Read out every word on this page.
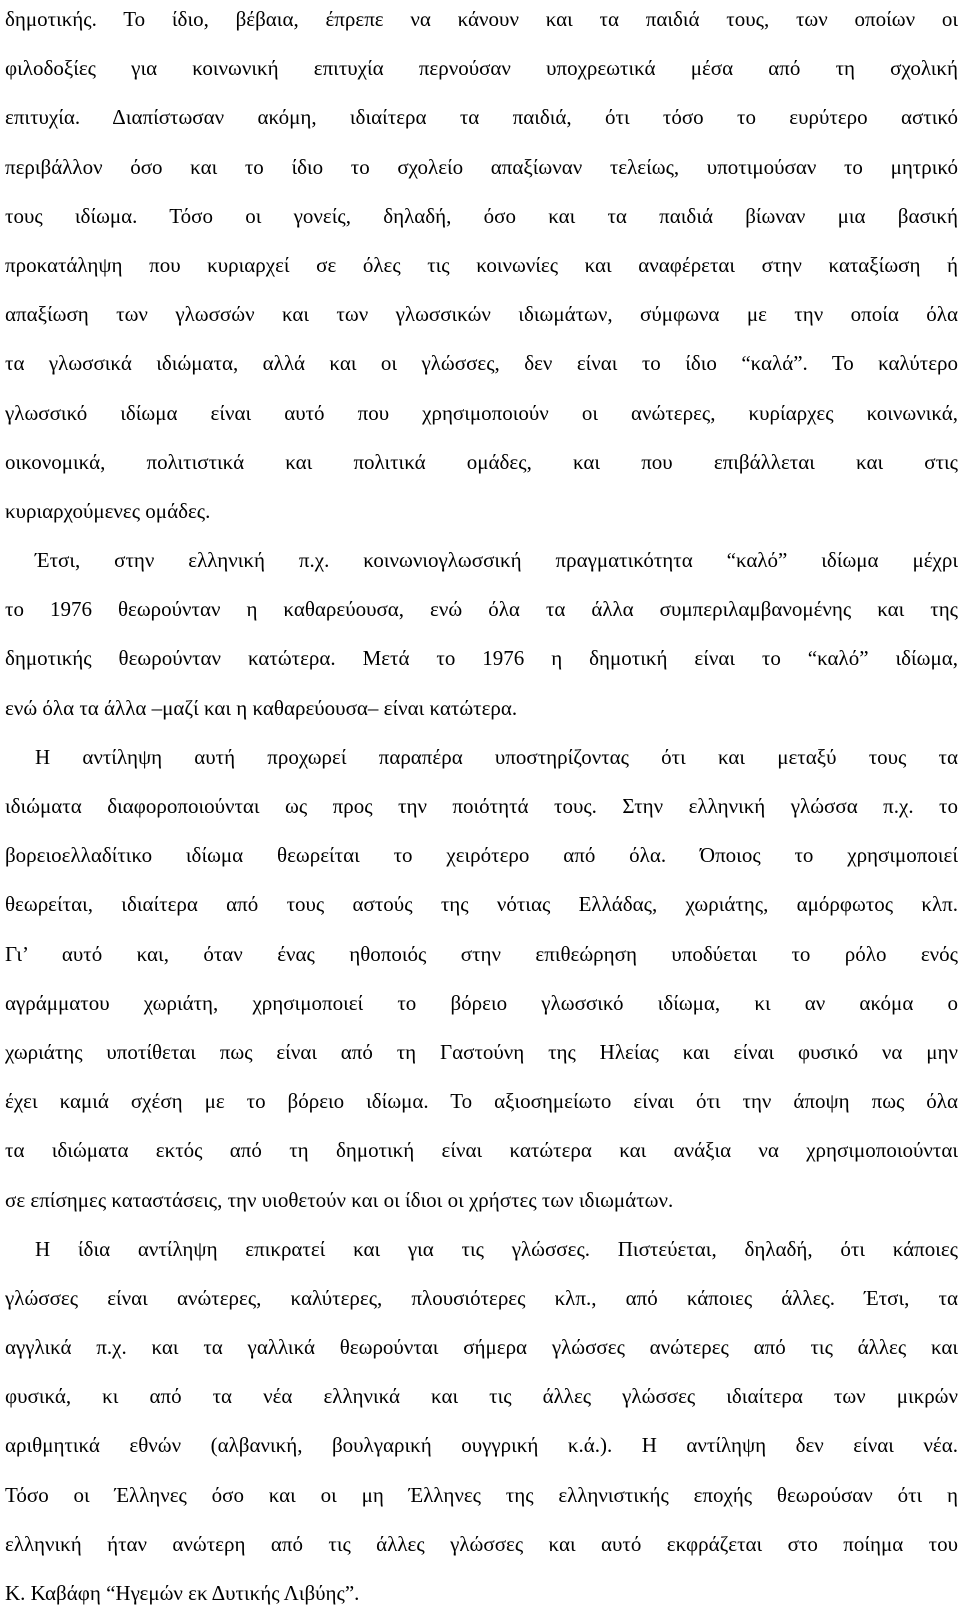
δημοτικής. Το ίδιο, βέβαια, έπρεπε να κάνουν και τα παιδιά τους, των οποίων οι
φιλοδοξίες για κοινωνική επιτυχία περνούσαν υποχρεωτικά μέσα από τη σχολική
επιτυχία. Διαπίστωσαν ακόμη, ιδιαίτερα τα παιδιά, ότι τόσο το ευρύτερο αστικό
περιβάλλον όσο και το ίδιο το σχολείο απαξίωναν τελείως, υποτιμούσαν το μητρικό
τους ιδίωμα. Τόσο οι γονείς, δηλαδή, όσο και τα παιδιά βίωναν μια βασική
προκατάληψη που κυριαρχεί σε όλες τις κοινωνίες και αναφέρεται στην καταξίωση ή
απαξίωση των γλωσσών και των γλωσσικών ιδιωμάτων, σύμφωνα με την οποία όλα
τα γλωσσικά ιδιώματα, αλλά και οι γλώσσες, δεν είναι το ίδιο “καλά”. Το καλύτερο
γλωσσικό ιδίωμα είναι αυτό που χρησιμοποιούν οι ανώτερες, κυρίαρχες κοινωνικά,
οικονομικά, πολιτιστικά και πολιτικά ομάδες, και που επιβάλλεται και στις
κυριαρχούμενες ομάδες.
Έτσι, στην ελληνική π.χ. κοινωνιογλωσσική πραγματικότητα “καλό” ιδίωμα μέχρι
το 1976 θεωρούνταν η καθαρεύουσα, ενώ όλα τα άλλα συμπεριλαμβανομένης και της
δημοτικής θεωρούνταν κατώτερα. Μετά το 1976 η δημοτική είναι το “καλό” ιδίωμα,
ενώ όλα τα άλλα –μαζί και η καθαρεύουσα– είναι κατώτερα.
Η αντίληψη αυτή προχωρεί παραπέρα υποστηρίζοντας ότι και μεταξύ τους τα
ιδιώματα διαφοροποιούνται ως προς την ποιότητά τους. Στην ελληνική γλώσσα π.χ. το
βορειοελλαδίτικο ιδίωμα θεωρείται το χειρότερο από όλα. Όποιος το χρησιμοποιεί
θεωρείται, ιδιαίτερα από τους αστούς της νότιας Ελλάδας, χωριάτης, αμόρφωτος κλπ.
Γι’ αυτό και, όταν ένας ηθοποιός στην επιθεώρηση υποδύεται το ρόλο ενός
αγράμματου χωριάτη, χρησιμοποιεί το βόρειο γλωσσικό ιδίωμα, κι αν ακόμα ο
χωριάτης υποτίθεται πως είναι από τη Γαστούνη της Ηλείας και είναι φυσικό να μην
έχει καμιά σχέση με το βόρειο ιδίωμα. Το αξιοσημείωτο είναι ότι την άποψη πως όλα
τα ιδιώματα εκτός από τη δημοτική είναι κατώτερα και ανάξια να χρησιμοποιούνται
σε επίσημες καταστάσεις, την υιοθετούν και οι ίδιοι οι χρήστες των ιδιωμάτων.
Η ίδια αντίληψη επικρατεί και για τις γλώσσες. Πιστεύεται, δηλαδή, ότι κάποιες
γλώσσες είναι ανώτερες, καλύτερες, πλουσιότερες κλπ., από κάποιες άλλες. Έτσι, τα
αγγλικά π.χ. και τα γαλλικά θεωρούνται σήμερα γλώσσες ανώτερες από τις άλλες και
φυσικά, κι από τα νέα ελληνικά και τις άλλες γλώσσες ιδιαίτερα των μικρών
αριθμητικά εθνών (αλβανική, βουλγαρική ουγγρική κ.ά.). Η αντίληψη δεν είναι νέα.
Τόσο οι Έλληνες όσο και οι μη Έλληνες της ελληνιστικής εποχής θεωρούσαν ότι η
ελληνική ήταν ανώτερη από τις άλλες γλώσσες και αυτό εκφράζεται στο ποίημα του
Κ. Καβάφη “Ηγεμών εκ Δυτικής Λιβύης”.
